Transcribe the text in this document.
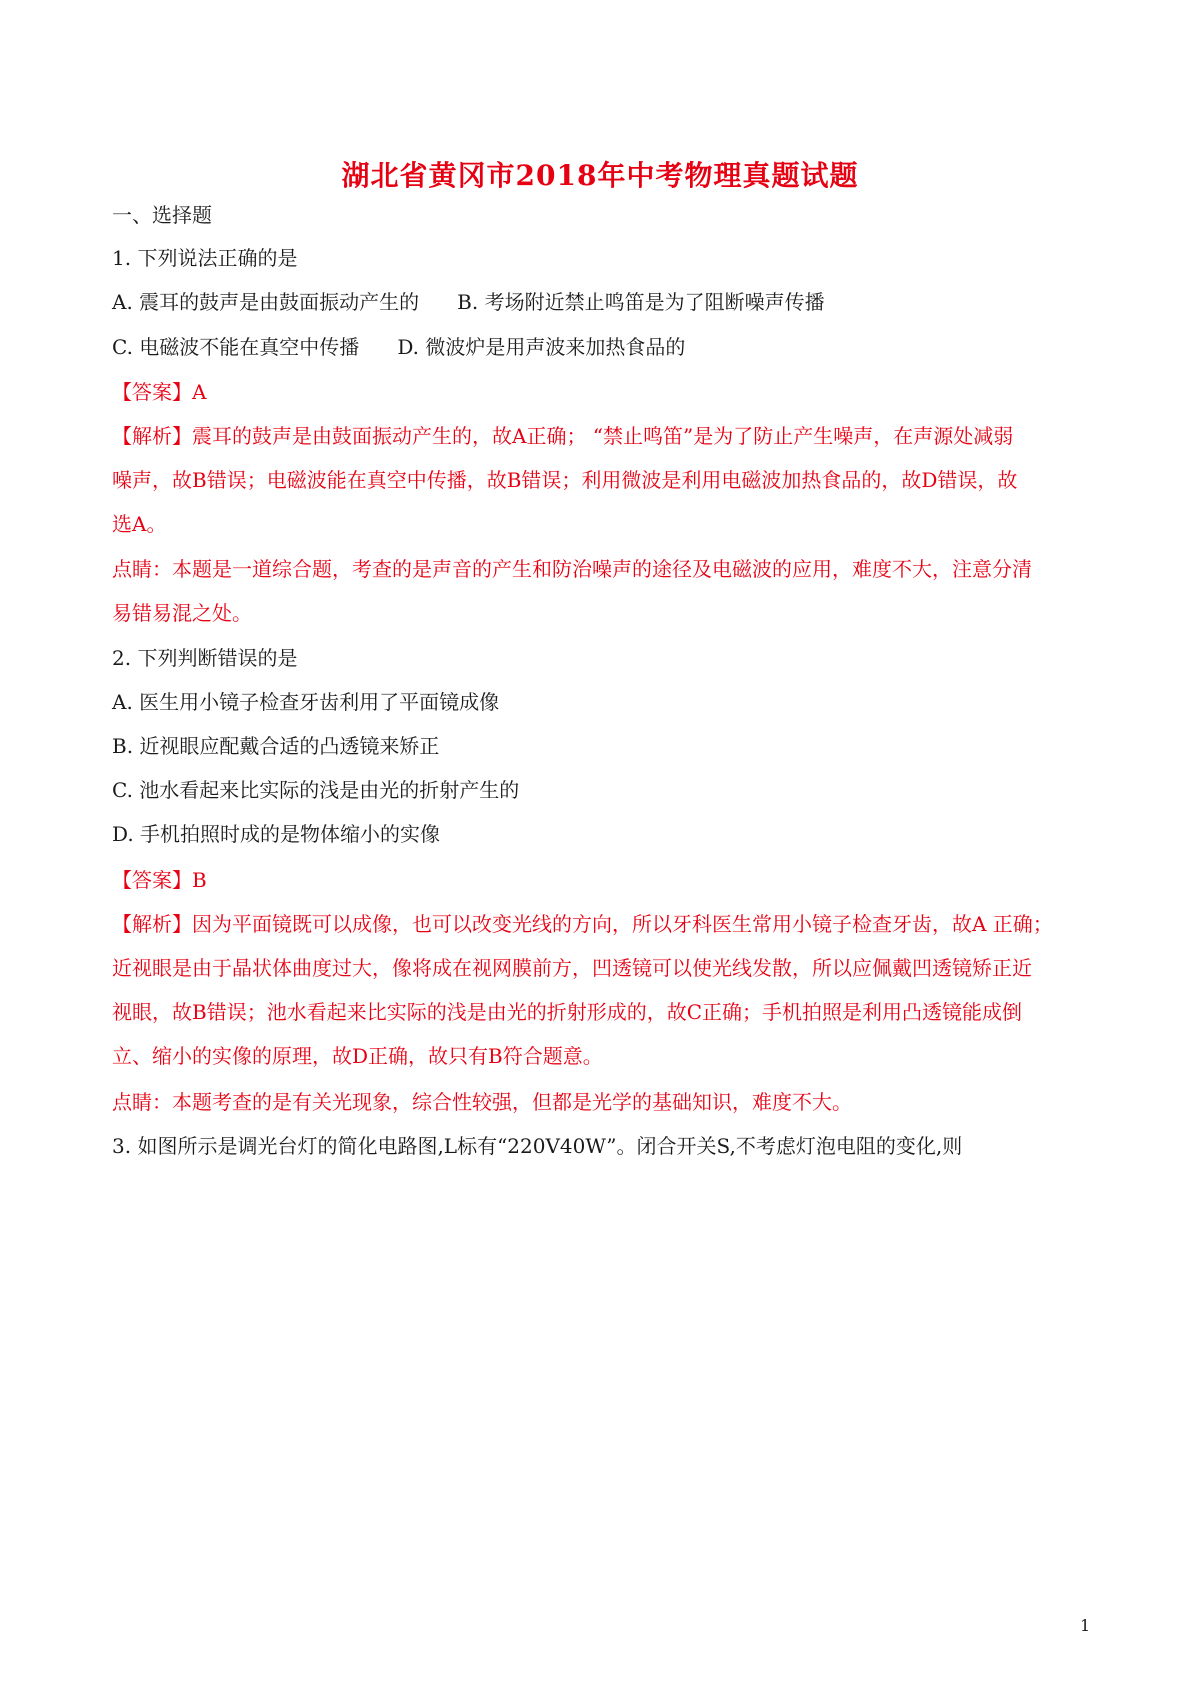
湖北省黄冈市2018年中考物理真题试题
一、选择题
1. 下列说法正确的是
A. 震耳的鼓声是由鼓面振动产生的 B. 考场附近禁止鸣笛是为了阻断噪声传播
C. 电磁波不能在真空中传播 D. 微波炉是用声波来加热食品的
【答案】A
【解析】震耳的鼓声是由鼓面振动产生的，故A正确； “禁止鸣笛”是为了防止产生噪声，在声源处减弱
噪声，故B错误；电磁波能在真空中传播，故B错误；利用微波是利用电磁波加热食品的，故D错误，故
选A。
点睛：本题是一道综合题，考查的是声音的产生和防治噪声的途径及电磁波的应用，难度不大，注意分清
易错易混之处。
2. 下列判断错误的是
A. 医生用小镜子检查牙齿利用了平面镜成像
B. 近视眼应配戴合适的凸透镜来矫正
C. 池水看起来比实际的浅是由光的折射产生的
D. 手机拍照时成的是物体缩小的实像
【答案】B
【解析】因为平面镜既可以成像，也可以改变光线的方向，所以牙科医生常用小镜子检查牙齿，故A 正确；
近视眼是由于晶状体曲度过大，像将成在视网膜前方，凹透镜可以使光线发散，所以应佩戴凹透镜矫正近
视眼，故B错误；池水看起来比实际的浅是由光的折射形成的，故C正确；手机拍照是利用凸透镜能成倒
立、缩小的实像的原理，故D正确，故只有B符合题意。
点睛：本题考查的是有关光现象，综合性较强，但都是光学的基础知识，难度不大。
3. 如图所示是调光台灯的简化电路图,L标有“220V40W”。闭合开关S,不考虑灯泡电阻的变化,则
1
